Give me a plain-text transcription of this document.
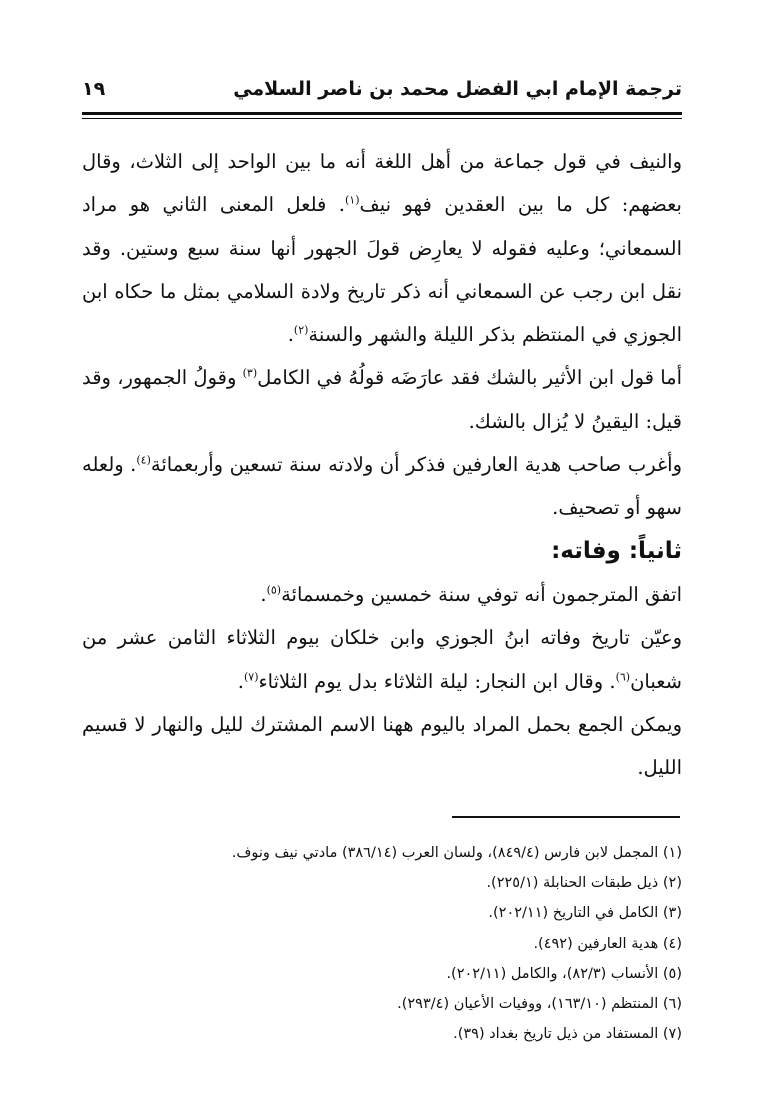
ترجمة الإمام ابي الفضل محمد بن ناصر السلامي
١٩

والنيف في قول جماعة من أهل اللغة أنه ما بين الواحد إلى الثلاث، وقال بعضهم: كل ما بين العقدين فهو نيف$^{(١)}$. فلعل المعنى الثاني هو مراد السمعاني؛ وعليه فقوله لا يعارِض قولَ الجهور أنها سنة سبع وستين. وقد نقل ابن رجب عن السمعاني أنه ذكر تاريخ ولادة السلامي بمثل ما حكاه ابن الجوزي في المنتظم بذكر الليلة والشهر والسنة$^{(٢)}$.

أما قول ابن الأثير بالشك فقد عارَضَه قولُهُ في الكامل$^{(٣)}$ وقولُ الجمهور، وقد قيل: اليقينُ لا يُزال بالشك.

وأغرب صاحب هدية العارفين فذكر أن ولادته سنة تسعين وأربعمائة$^{(٤)}$. ولعله سهو أو تصحيف.

ثانياً: وفاته:

اتفق المترجمون أنه توفي سنة خمسين وخمسمائة$^{(٥)}$.

وعيّن تاريخ وفاته ابنُ الجوزي وابن خلكان بيوم الثلاثاء الثامن عشر من شعبان$^{(٦)}$. وقال ابن النجار: ليلة الثلاثاء بدل يوم الثلاثاء$^{(٧)}$.

ويمكن الجمع بحمل المراد باليوم ههنا الاسم المشترك لليل والنهار لا قسيم الليل.

(١) المجمل لابن فارس (٨٤٩/٤)، ولسان العرب (٣٨٦/١٤) مادتي نيف ونوف.
(٢) ذيل طبقات الحنابلة (٢٢٥/١).
(٣) الكامل في التاريخ (٢٠٢/١١).
(٤) هدية العارفين (٤٩٢).
(٥) الأنساب (٨٢/٣)، والكامل (٢٠٢/١١).
(٦) المنتظم (١٦٣/١٠)، ووفيات الأعيان (٢٩٣/٤).
(٧) المستفاد من ذيل تاريخ بغداد (٣٩).
